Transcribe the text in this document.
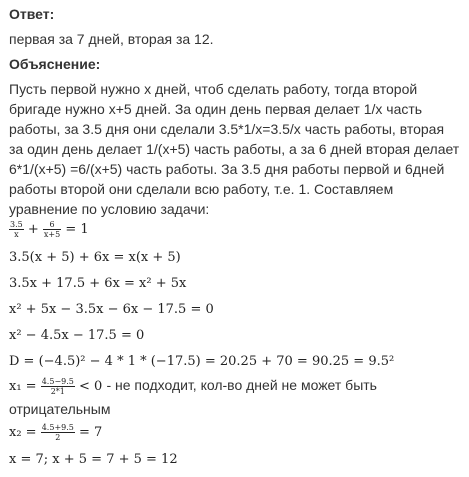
Ответ:
первая за 7 дней, вторая за 12.
Объяснение:
Пусть первой нужно х дней, чтоб сделать работу, тогда второй
бригаде нужно х+5 дней. За один день первая делает 1/х часть
работы, за 3.5 дня они сделали 3.5*1/х=3.5/х часть работы, вторая
за один день делает 1/(х+5) часть работы, а за 6 дней вторая делает
6*1/(х+5) =6/(х+5) часть работы. За 3.5 дня работы первой и 6дней
работы второй они сделали всю работу, т.е. 1. Составляем
уравнение по условию задачи:
$\frac{3.5}{x} + \frac{6}{x+5} = 1$
3.5(x + 5) + 6x = x(x + 5)
3.5x + 17.5 + 6x = x² + 5x
x² + 5x − 3.5x − 6x − 17.5 = 0
x² − 4.5x − 17.5 = 0
D = (−4.5)² − 4 * 1 * (−17.5) = 20.25 + 70 = 90.25 = 9.5²
$x_1 = \frac{4.5-9.5}{2*1} < 0$ - не подходит, кол-во дней не может быть
отрицательным
$x_2 = \frac{4.5+9.5}{2} = 7$
x = 7; x + 5 = 7 + 5 = 12
